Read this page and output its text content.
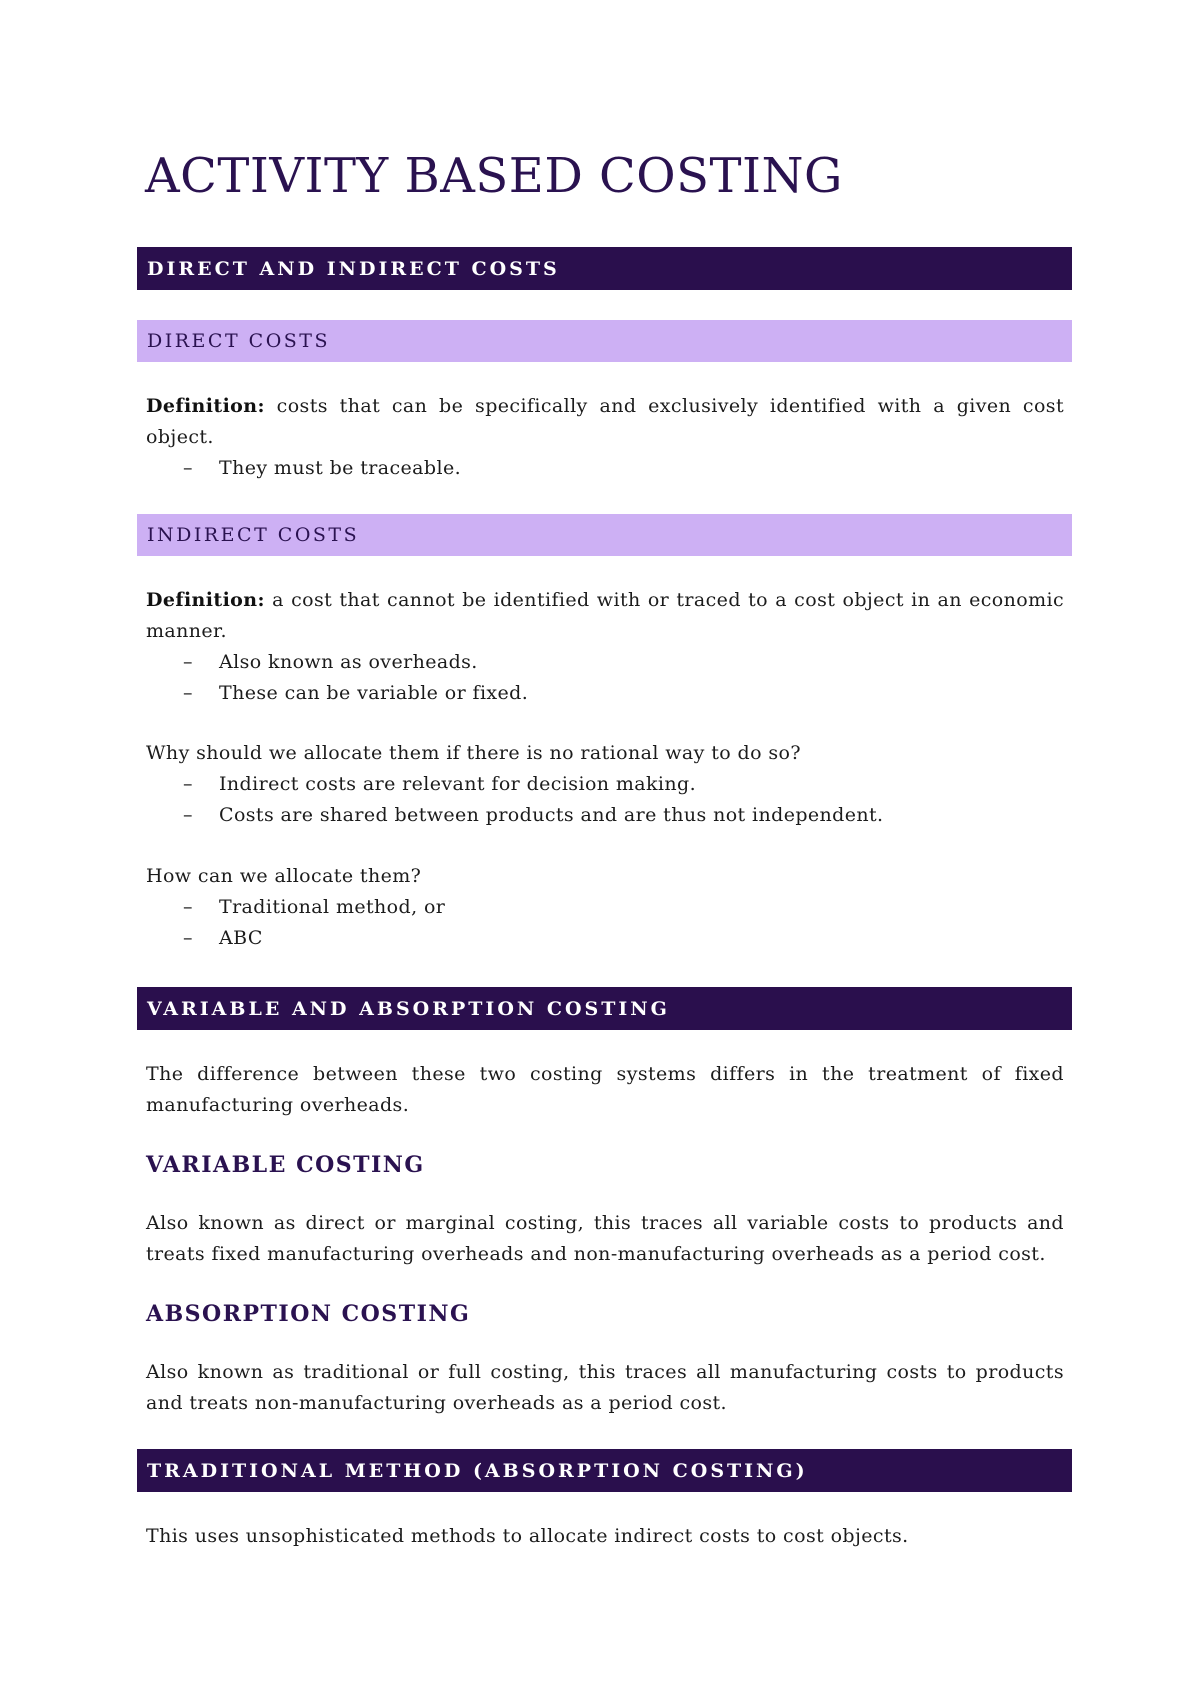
ACTIVITY BASED COSTING
DIRECT AND INDIRECT COSTS
DIRECT COSTS

Definition: costs that can be specifically and exclusively identified with a given cost object.

– They must be traceable.
INDIRECT COSTS

Definition: a cost that cannot be identified with or traced to a cost object in an economic manner.

– Also known as overheads.
– These can be variable or fixed.

Why should we allocate them if there is no rational way to do so?

– Indirect costs are relevant for decision making.
– Costs are shared between products and are thus not independent.

How can we allocate them?

– Traditional method, or
– ABC
VARIABLE AND ABSORPTION COSTING

The difference between these two costing systems differs in the treatment of fixed manufacturing overheads.

VARIABLE COSTING

Also known as direct or marginal costing, this traces all variable costs to products and treats fixed manufacturing overheads and non-manufacturing overheads as a period cost.

ABSORPTION COSTING

Also known as traditional or full costing, this traces all manufacturing costs to products and treats non-manufacturing overheads as a period cost.

TRADITIONAL METHOD (ABSORPTION COSTING)

This uses unsophisticated methods to allocate indirect costs to cost objects.
